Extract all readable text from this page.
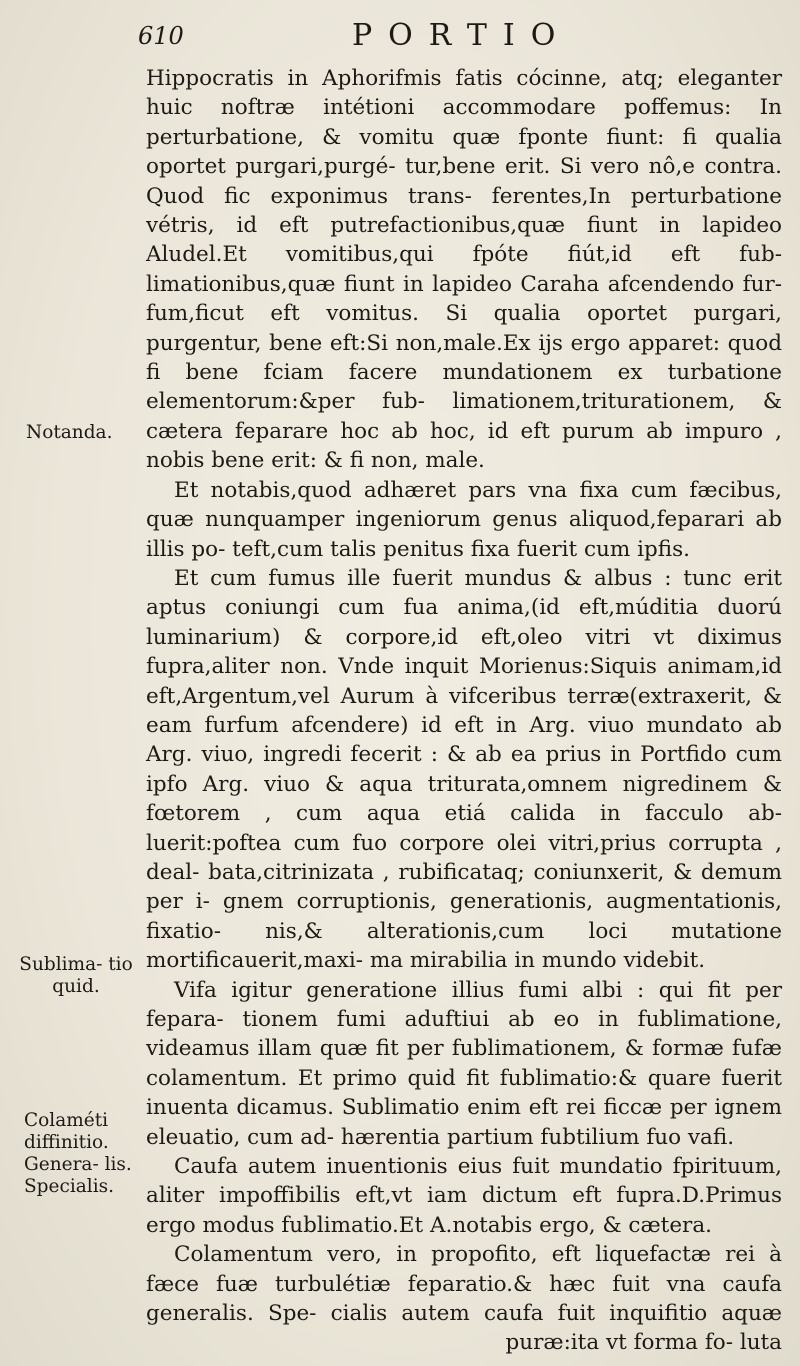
610	PORTIO

Hippocratis in Aphorifmis fatis cócinne, atq; eleganter huic noftræ intétioni accommodare poffemus: In perturbatione, & vomitu quæ fponte fiunt: fi qualia oportet purgari,purgé- tur,bene erit. Si vero nô,e contra. Quod fic exponimus trans- ferentes,In perturbatione vétris, id eft putrefactionibus,quæ fiunt in lapideo Aludel.Et vomitibus,qui fpóte fiút,id eft fub- limationibus,quæ fiunt in lapideo Caraha afcendendo fur- fum,ficut eft vomitus. Si qualia oportet purgari, purgentur, bene eft:Si non,male.Ex ijs ergo apparet: quod fi bene fciam facere mundationem ex turbatione elementorum:&per fub- limationem,triturationem, & cætera feparare hoc ab hoc, id eft purum ab impuro , nobis bene erit: & fi non, male.

Et notabis,quod adhæret pars vna fixa cum fæcibus, quæ nunquamper ingeniorum genus aliquod,feparari ab illis po- teft,cum talis penitus fixa fuerit cum ipfis.

Et cum fumus ille fuerit mundus & albus : tunc erit aptus coniungi cum fua anima,(id eft,múditia duorú luminarium) & corpore,id eft,oleo vitri vt diximus fupra,aliter non. Vnde inquit Morienus:Siquis animam,id eft,Argentum,vel Aurum à vifceribus terræ(extraxerit, & eam furfum afcendere) id eft in Arg. viuo mundato ab Arg. viuo, ingredi fecerit : & ab ea prius in Portfido cum ipfo Arg. viuo & aqua triturata,omnem nigredinem & fœtorem , cum aqua etiá calida in facculo ab- luerit:poftea cum fuo corpore olei vitri,prius corrupta , deal- bata,citrinizata , rubificataq; coniunxerit, & demum per i- gnem corruptionis, generationis, augmentationis, fixatio- nis,& alterationis,cum loci mutatione mortificauerit,maxi- ma mirabilia in mundo videbit.

Vifa igitur generatione illius fumi albi : qui fit per fepara- tionem fumi aduftiui ab eo in fublimatione, videamus illam quæ fit per fublimationem, & formæ fufæ colamentum. Et primo quid fit fublimatio:& quare fuerit inuenta dicamus. Sublimatio enim eft rei ficcæ per ignem eleuatio, cum ad- hærentia partium fubtilium fuo vafi.

Caufa autem inuentionis eius fuit mundatio fpirituum, aliter impoffibilis eft,vt iam dictum eft fupra.D.Primus ergo modus fublimatio.Et A.notabis ergo, & cætera.

Colamentum vero, in propofito, eft liquefactæ rei à fæce fuæ turbulétiæ feparatio.& hæc fuit vna caufa generalis. Spe- cialis autem caufa fuit inquifitio aquæ puræ:ita vt forma fo- luta

Notanda.
Sublima- tio quid.
Colaméti diffinitio. Genera- lis. Specialis.
